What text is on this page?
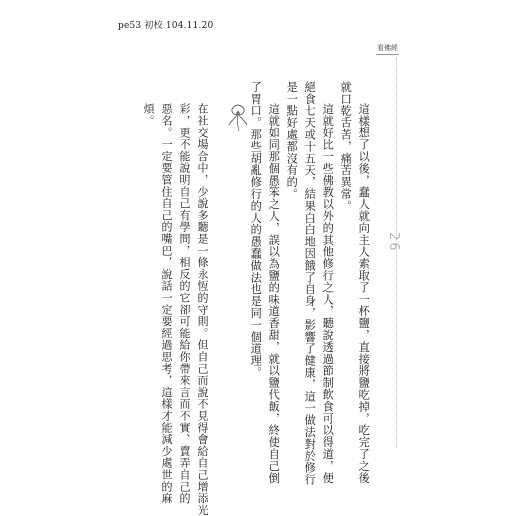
pe53 初校 104.11.20
看佛經
26
這樣想了以後，蠢人就向主人索取了一杯鹽，直接將鹽吃掉，吃完了之後
就口乾舌苦，痛苦異常。
這就好比一些佛教以外的其他修行之人，聽說透過節制飲食可以得道，便
絕食七天或十五天，結果白白地因餓了自身，影響了健康，這一做法對於修行
是一點好處都沒有的。
這就如同那個愚笨之人，誤以為鹽的味道香甜，就以鹽代飯，終使自己倒
了胃口。那些胡亂修行的人的愚蠢做法也是同一個道理。
在社交場合中，少說多聽是一條永恆的守則。但自己而說不見得會給自己增添光
彩，更不能說明自己有學問，相反的它卻可能給你帶來言而不實、賣弄自己的
惡名。一定要管住自己的嘴巴，說話一定要經過思考，這樣才能減少處世的麻
煩。
